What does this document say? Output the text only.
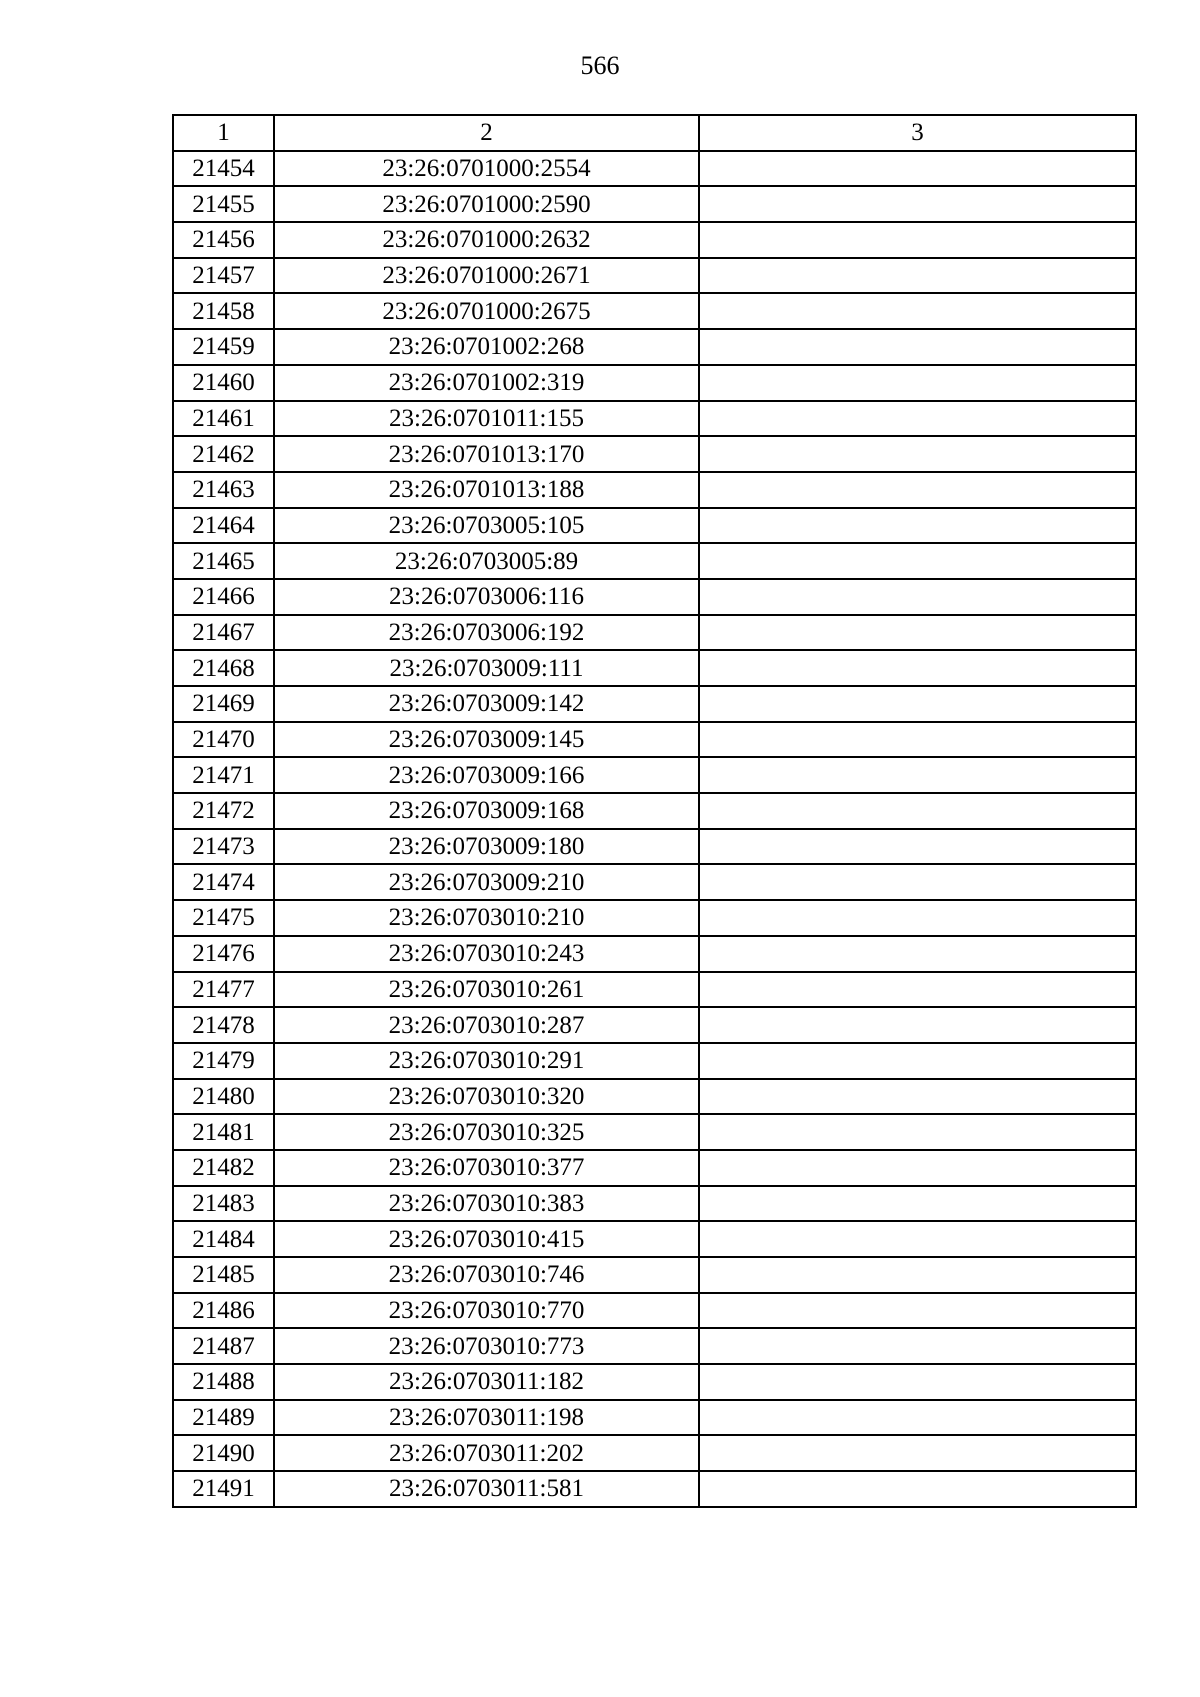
566
1	2	3
21454	23:26:0701000:2554	
21455	23:26:0701000:2590	
21456	23:26:0701000:2632	
21457	23:26:0701000:2671	
21458	23:26:0701000:2675	
21459	23:26:0701002:268	
21460	23:26:0701002:319	
21461	23:26:0701011:155	
21462	23:26:0701013:170	
21463	23:26:0701013:188	
21464	23:26:0703005:105	
21465	23:26:0703005:89	
21466	23:26:0703006:116	
21467	23:26:0703006:192	
21468	23:26:0703009:111	
21469	23:26:0703009:142	
21470	23:26:0703009:145	
21471	23:26:0703009:166	
21472	23:26:0703009:168	
21473	23:26:0703009:180	
21474	23:26:0703009:210	
21475	23:26:0703010:210	
21476	23:26:0703010:243	
21477	23:26:0703010:261	
21478	23:26:0703010:287	
21479	23:26:0703010:291	
21480	23:26:0703010:320	
21481	23:26:0703010:325	
21482	23:26:0703010:377	
21483	23:26:0703010:383	
21484	23:26:0703010:415	
21485	23:26:0703010:746	
21486	23:26:0703010:770	
21487	23:26:0703010:773	
21488	23:26:0703011:182	
21489	23:26:0703011:198	
21490	23:26:0703011:202	
21491	23:26:0703011:581	
